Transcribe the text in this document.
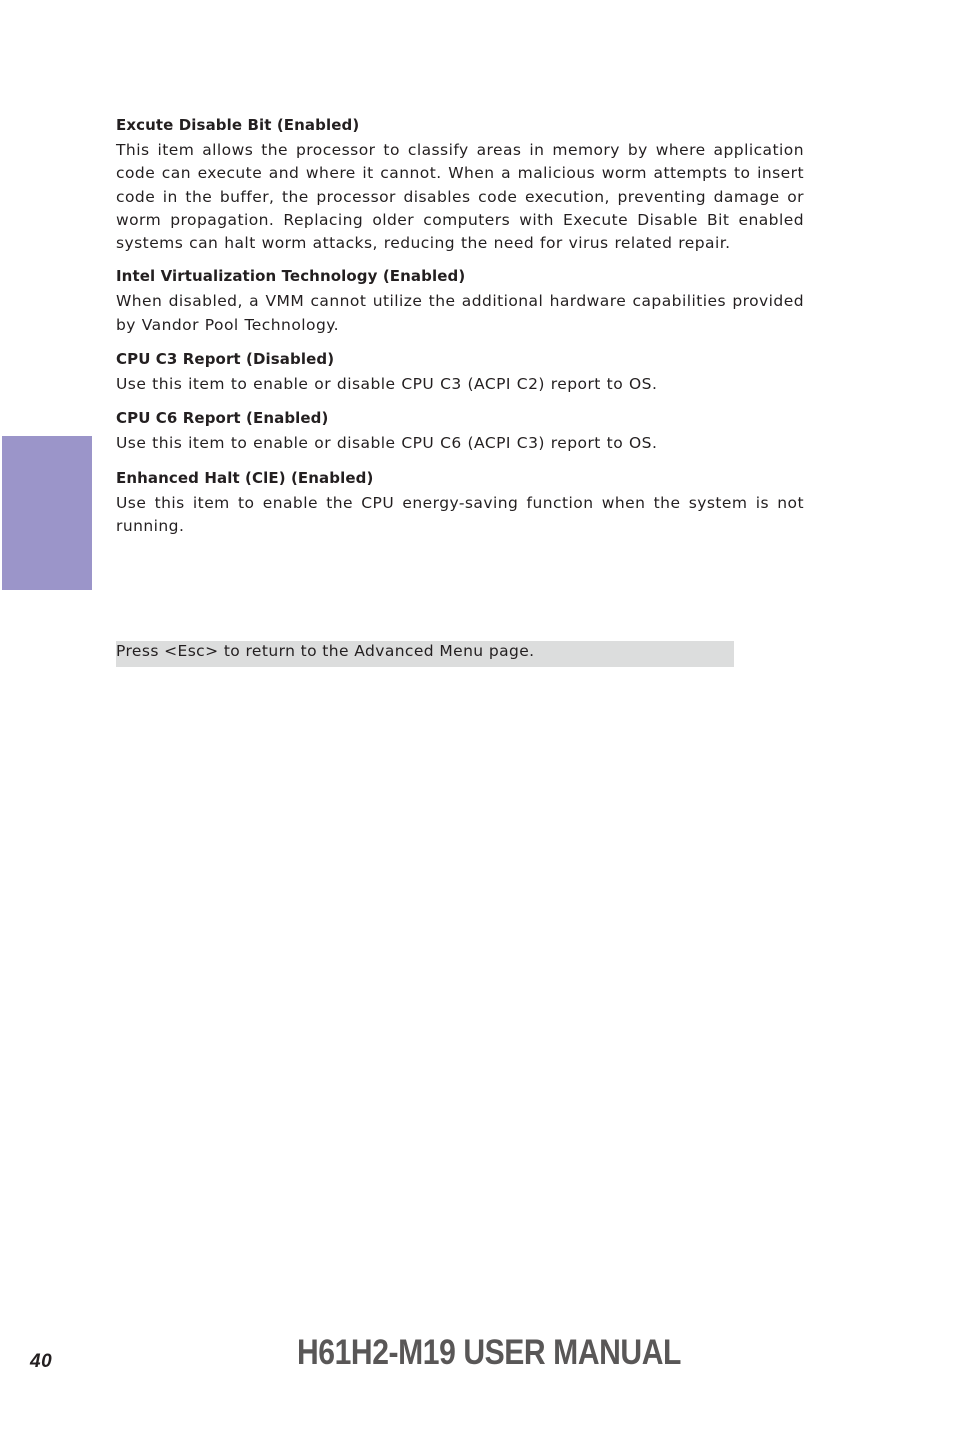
Excute Disable Bit (Enabled)

This item allows the processor to classify areas in memory by where application code can execute and where it cannot. When a malicious worm attempts to insert code in the buffer, the processor disables code execution, preventing damage or worm propagation. Replacing older computers with Execute Disable Bit enabled systems can halt worm attacks, reducing the need for virus related repair.

Intel Virtualization Technology (Enabled)

When disabled, a VMM cannot utilize the additional hardware capabilities provided by Vandor Pool Technology.

CPU C3 Report (Disabled)

Use this item to enable or disable CPU C3 (ACPI C2) report to OS.

CPU C6 Report (Enabled)

Use this item to enable or disable CPU C6 (ACPI C3) report to OS.

Enhanced Halt (ClE) (Enabled)

Use this item to enable the CPU energy-saving function when the system is not running.

Press <Esc> to return to the Advanced Menu page.
40	H61H2-M19 USER MANUAL
